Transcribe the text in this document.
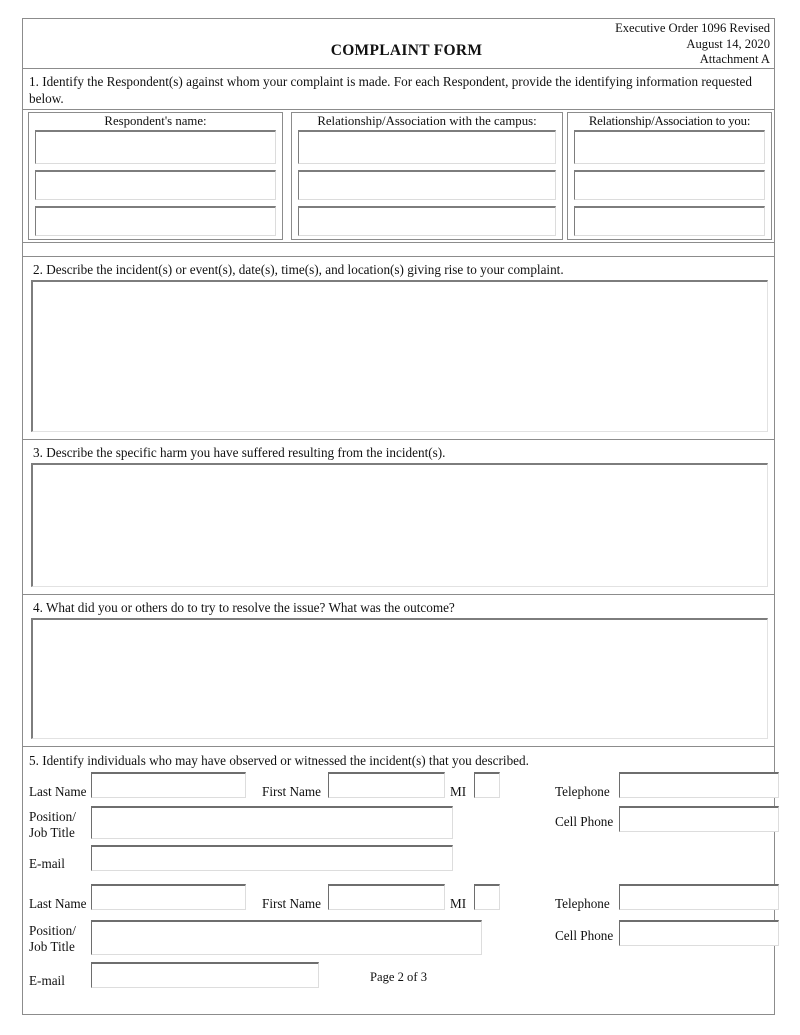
COMPLAINT FORM
Executive Order 1096 Revised
August 14, 2020
Attachment A
1. Identify the Respondent(s) against whom your complaint is made. For each Respondent, provide the identifying information requested below.
Respondent's name:	Relationship/Association with the campus:	Relationship/Association to you:
2. Describe the incident(s) or event(s), date(s), time(s), and location(s) giving rise to your complaint.
3. Describe the specific harm you have suffered resulting from the incident(s).
4. What did you or others do to try to resolve the issue? What was the outcome?
5. Identify individuals who may have observed or witnessed the incident(s) that you described.
Last Name	First Name	MI	Telephone
Position/
Job Title
Cell Phone
E-mail
Last Name	First Name	MI	Telephone
Position/
Job Title
Cell Phone
E-mail	Page 2 of 3
